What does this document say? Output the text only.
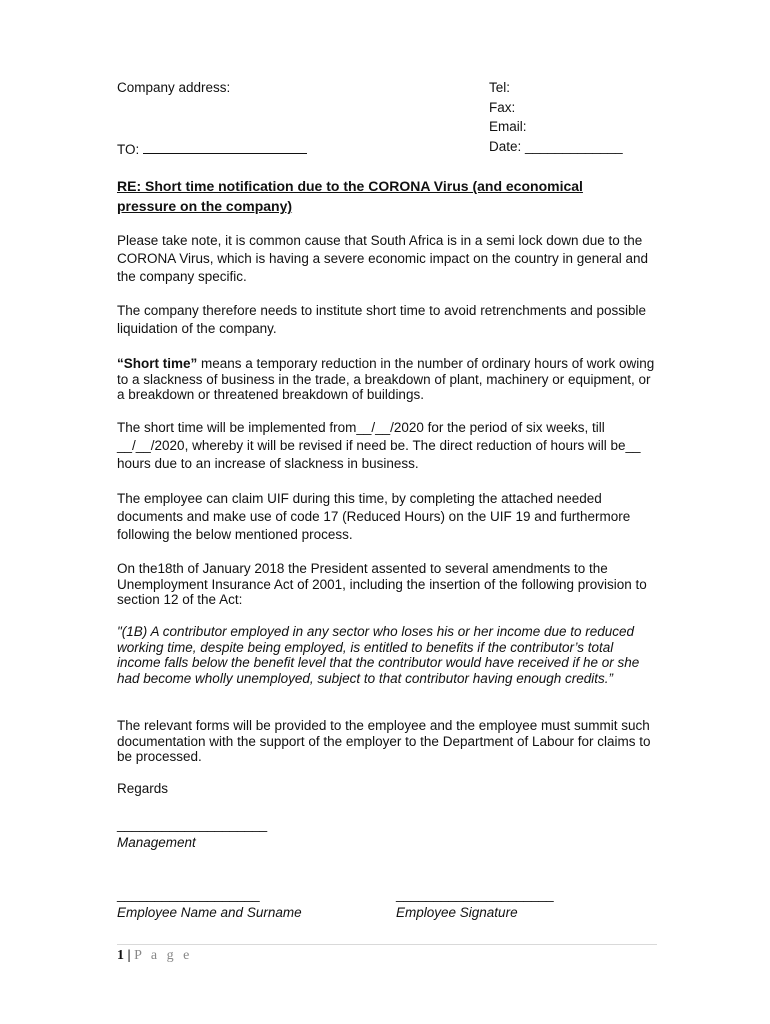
Company address:	Tel:
Fax:
Email:
TO:	Date: _____________
RE: Short time notification due to the CORONA Virus (and economical
pressure on the company)
Please take note, it is common cause that South Africa is in a semi lock down due to the CORONA Virus, which is having a severe economic impact on the country in general and the company specific.
The company therefore needs to institute short time to avoid retrenchments and possible liquidation of the company.
“Short time” means a temporary reduction in the number of ordinary hours of work owing to a slackness of business in the trade, a breakdown of plant, machinery or equipment, or a breakdown or threatened breakdown of buildings.
The short time will be implemented from__/__/2020 for the period of six weeks, till __/__/2020, whereby it will be revised if need be. The direct reduction of hours will be__ hours due to an increase of slackness in business.
The employee can claim UIF during this time, by completing the attached needed documents and make use of code 17 (Reduced Hours) on the UIF 19 and furthermore following the below mentioned process.
On the18th of January 2018 the President assented to several amendments to the Unemployment Insurance Act of 2001, including the insertion of the following provision to section 12 of the Act:
"(1B) A contributor employed in any sector who loses his or her income due to reduced working time, despite being employed, is entitled to benefits if the contributor’s total income falls below the benefit level that the contributor would have received if he or she had become wholly unemployed, subject to that contributor having enough credits.”
The relevant forms will be provided to the employee and the employee must summit such documentation with the support of the employer to the Department of Labour for claims to be processed.
Regards
____________________
Management
___________________
Employee Name and Surname
_____________________
Employee Signature
1 | P a g e
